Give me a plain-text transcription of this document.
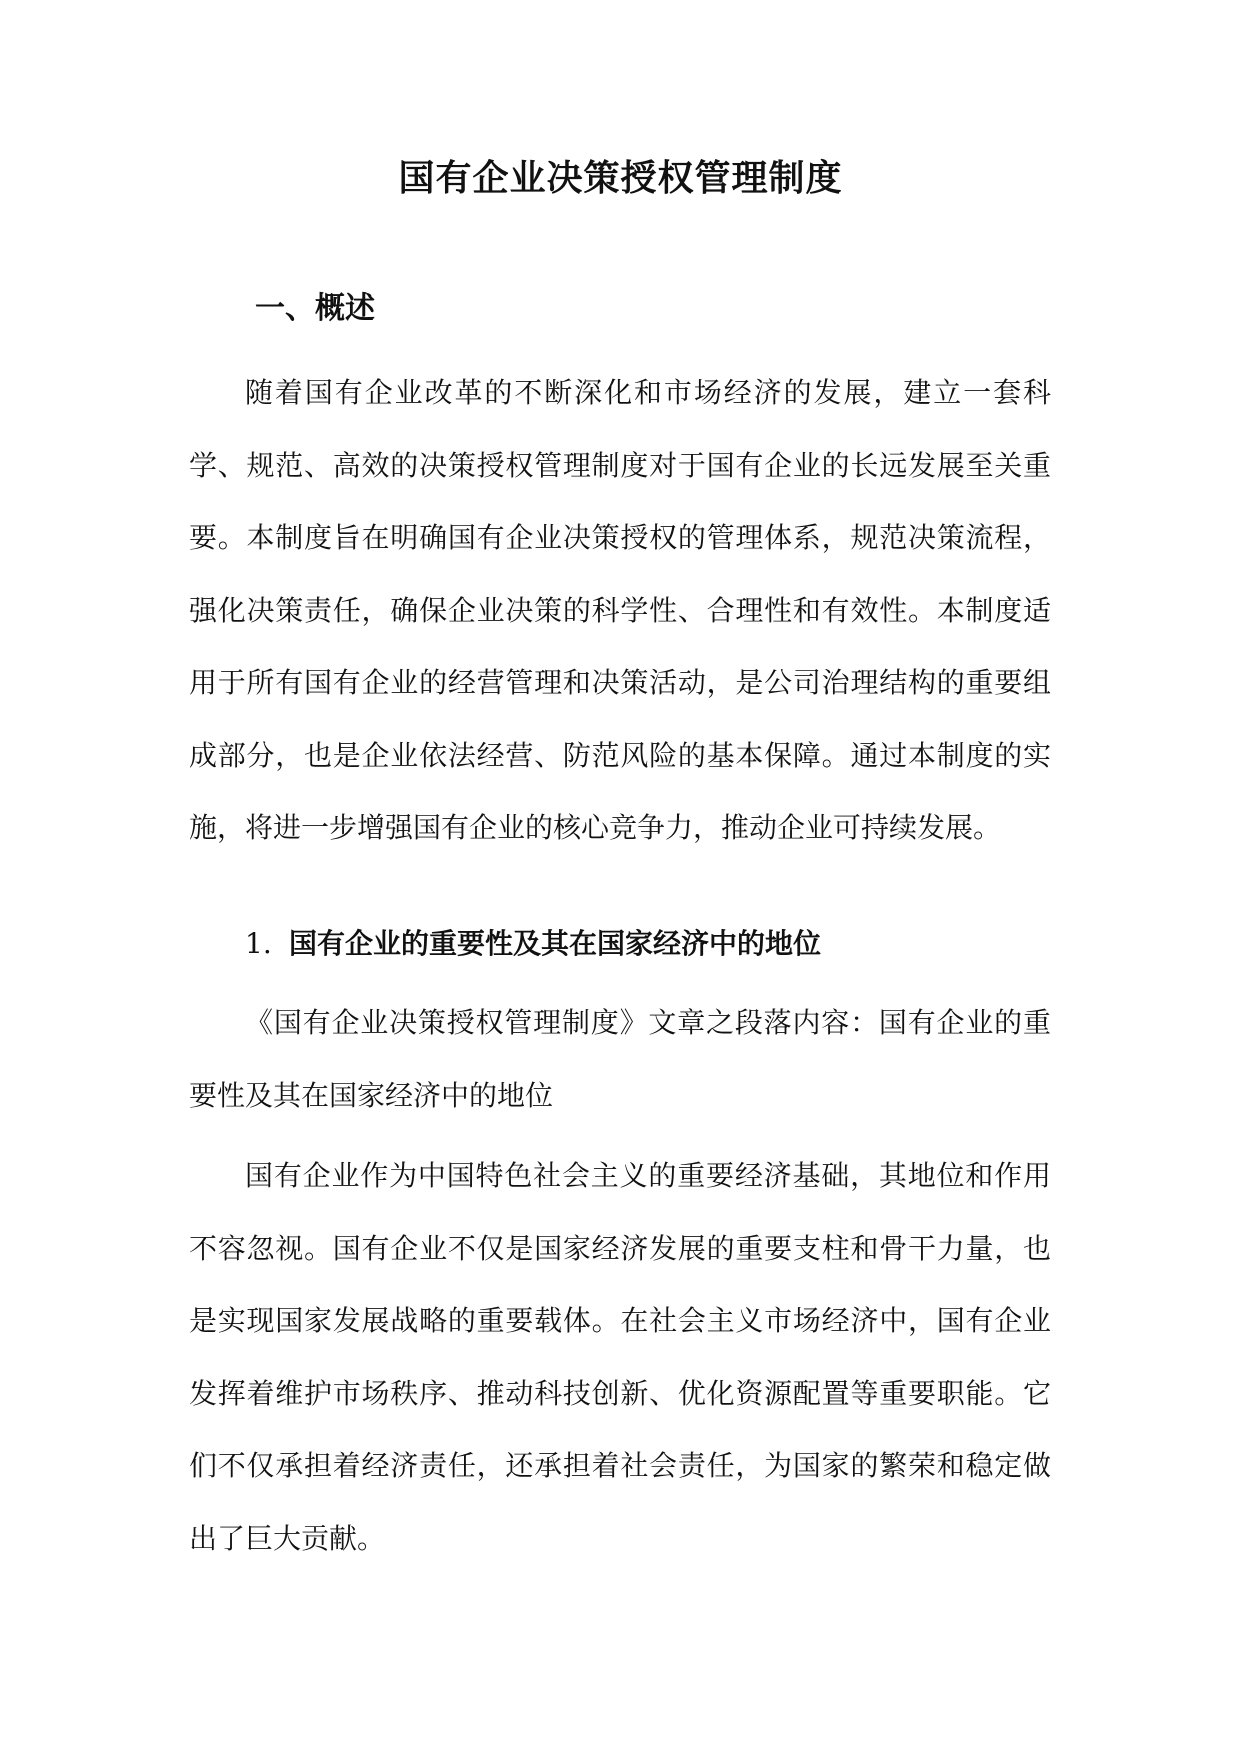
国有企业决策授权管理制度
一、概述

随着国有企业改革的不断深化和市场经济的发展，建立一套科学、规范、高效的决策授权管理制度对于国有企业的长远发展至关重要。本制度旨在明确国有企业决策授权的管理体系，规范决策流程，强化决策责任，确保企业决策的科学性、合理性和有效性。本制度适用于所有国有企业的经营管理和决策活动，是公司治理结构的重要组成部分，也是企业依法经营、防范风险的基本保障。通过本制度的实施，将进一步增强国有企业的核心竞争力，推动企业可持续发展。

1. 国有企业的重要性及其在国家经济中的地位

《国有企业决策授权管理制度》文章之段落内容：国有企业的重要性及其在国家经济中的地位

国有企业作为中国特色社会主义的重要经济基础，其地位和作用不容忽视。国有企业不仅是国家经济发展的重要支柱和骨干力量，也是实现国家发展战略的重要载体。在社会主义市场经济中，国有企业发挥着维护市场秩序、推动科技创新、优化资源配置等重要职能。它们不仅承担着经济责任，还承担着社会责任，为国家的繁荣和稳定做出了巨大贡献。
